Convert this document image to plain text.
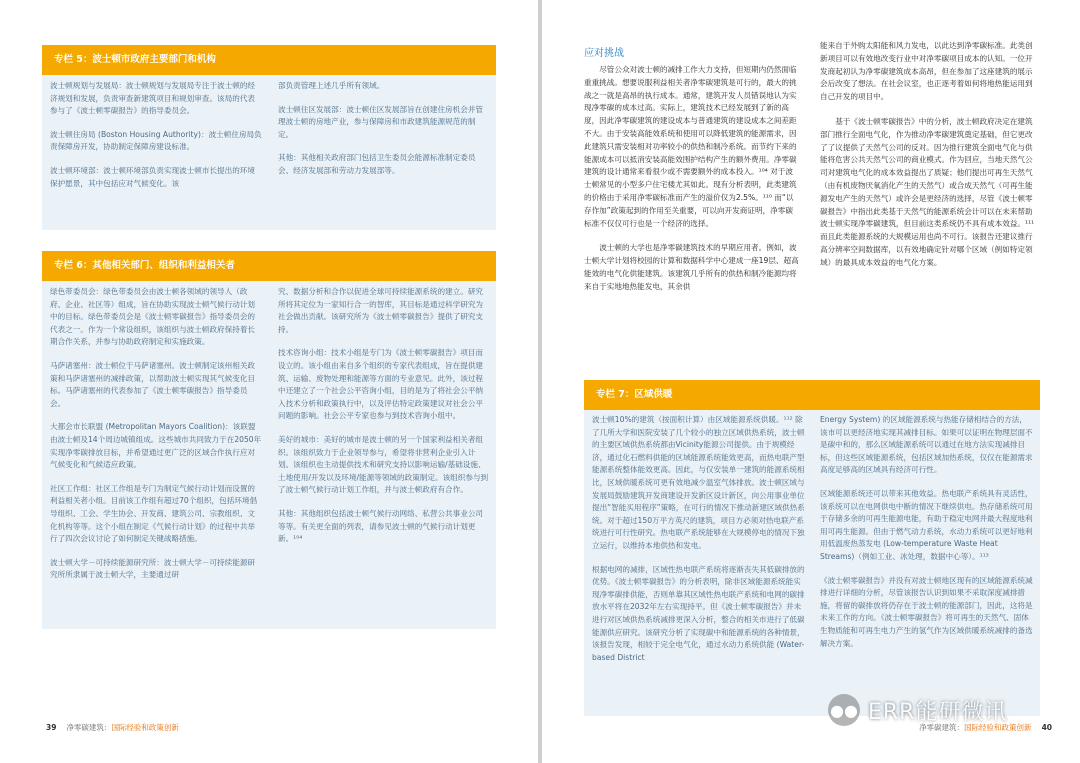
专栏 5：波士顿市政府主要部门和机构

波士顿规划与发展局：波士顿规划与发展局专注于波士顿的经济规划和发展，负责审查新建筑项目和规划审查。该局的代表参与了《波士顿零碳报告》的指导委员会。

波士顿住房局 (Boston Housing Authority)：波士顿住房局负责保障房开发，协助制定保障房建设标准。

波士顿环境部：波士顿环境部负责实现波士顿市长提出的环境保护愿景，其中包括应对气候变化。该

部负责管理上述几乎所有领域。

波士顿住区发展部：波士顿住区发展部旨在创建住房机会并管理波士顿的房地产业，参与保障房和市政建筑能源规范的制定。

其他：其他相关政府部门包括卫生委员会能源标准制定委员会、经济发展部和劳动力发展部等。

专栏 6：其他相关部门、组织和利益相关者

绿色带委员会：绿色带委员会由波士顿各领域的领导人（政府、企业、社区等）组成，旨在协助实现波士顿气候行动计划中的目标。绿色带委员会是《波士顿零碳报告》指导委员会的代表之一。作为一个常设组织，该组织与波士顿政府保持着长期合作关系，并参与协助政府制定和实施政策。

马萨诸塞州：波士顿位于马萨诸塞州。波士顿制定该州相关政策和马萨诸塞州的减排政策，以帮助波士顿实现其气候变化目标。马萨诸塞州的代表参加了《波士顿零碳报告》指导委员会。

大都会市长联盟 (Metropolitan Mayors Coalition)：该联盟由波士顿及14个周边城镇组成。这些城市共同致力于在2050年实现净零碳排放目标，并希望通过更广泛的区域合作执行应对气候变化和气候适应政策。

社区工作组：社区工作组是专门为制定气候行动计划而设置的利益相关者小组。目前该工作组有超过70个组织，包括环境倡导组织、工会、学生协会、开发商、建筑公司、宗教组织、文化机构等等。这个小组在制定《气候行动计划》的过程中共举行了四次会议讨论了如何制定关键战略措施。

波士顿大学－可持续能源研究所：波士顿大学－可持续能源研究所所隶属于波士顿大学，主要通过研

究、数据分析和合作以促进全球可持续能源系统的建立。研究所将其定位为一家知行合一的智库，其目标是通过科学研究为社会做出贡献。该研究所为《波士顿零碳报告》提供了研究支持。

技术咨询小组：技术小组是专门为《波士顿零碳报告》项目而设立的。该小组由来自多个组织的专家代表组成，旨在提供建筑、运输、废物处理和能源等方面的专业意见。此外，该过程中还建立了一个社会公平咨询小组，目的是为了将社会公平纳入技术分析和政策执行中，以及评估特定政策建议对社会公平问题的影响。社会公平专家也参与到技术咨询小组中。

美好的城市：美好的城市是波士顿的另一个国家利益相关者组织。该组织致力于企业领导参与，希望将非营利企业引入计划。该组织也主动提供技术和研究支持以影响运输/基础设施、土地使用/开发以及环境/能源等领域的政策制定。该组织参与到了波士顿气候行动计划工作组，并与波士顿政府有合作。

其他：其他组织包括波士顿气候行动网络、私营公共事业公司等等。有关更全面的列表，请参见波士顿的气候行动计划更新。¹⁰⁴

39 净零碳建筑：国际经验和政策创新
应对挑战

尽管公众对波士顿的减排工作大力支持，但短期内仍然面临重重挑战。想要说服利益相关者净零碳建筑是可行的，最大的挑战之一就是高昂的执行成本。通常，建筑开发人员错误地认为实现净零碳的成本过高。实际上，建筑技术已经发展到了新的高度，因此净零碳建筑的建设成本与普通建筑的建设成本之间差距不大。由于安装高能效系统和使用可以降低建筑的能源需求，因此建筑只需安装相对功率较小的供热和制冷系统。而节约下来的能源成本可以抵消安装高能效围护结构产生的额外费用。净零碳建筑的设计通常来看很少或不需要额外的成本投入。¹⁰⁴ 对于波士顿常见的小型多户住宅楼尤其如此。现有分析表明，此类建筑的价格由于采用净零碳标准而产生的溢价仅为2.5%。¹¹⁰ 而“以存作加”政策起到的作用至关重要，可以向开发商证明，净零碳标准不仅仅可行也是一个经济的选择。

波士顿的大学也是净零碳建筑技术的早期应用者。例如，波士顿大学计划将校园的计算和数据科学中心建成一座19层、超高能效的电气化供能建筑。该建筑几乎所有的供热和制冷能源均将来自于实地地热能发电，其余供

能来自于外购太阳能和风力发电，以此达到净零碳标准。此类创新项目可以有效地改变行业中对净零碳项目成本的认知。一位开发商起初认为净零碳建筑成本高昂，但在参加了这座建筑的展示会后改变了想法。在社会议室，也正逐考着如何将地热能运用到自己开发的项目中。

基于《波士顿零碳报告》中的分析，波士顿政府决定在建筑部门推行全面电气化，作为推动净零碳建筑奠定基础，但它更改了了议提供了天然气公司的反对。因为推行建筑全面电气化与供能将危害公共天然气公司的商业模式。作为回应，当地天然气公司对建筑电气化的成本效益提出了质疑；他们提出可再生天然气（由有机废物厌氧消化产生的天然气）或合成天然气（可再生能源发电产生的天然气）或许会是更经济的选择，尽管《波士顿零碳报告》中指出此类基于天然气的能源系统会计可以在未来帮助波士顿实现净零碳建筑，但目前这类系统仍不具有成本效益。¹¹¹ 而且此类能源系统的大规模运用也尚不可行。该报告还建议推行高分辨率空间数据库，以有效地确定针对哪个区域（例如特定领域）的最具成本效益的电气化方案。

专栏 7：区域供暖

波士顿10%的建筑（按面积计算）由区域能源系统供暖。¹¹² 除了几所大学和医院安装了几个较小的独立区域供热系统，波士顿的主要区域供热系统都由Vicinity能源公司提供。由于规模经济，通过化石燃料供能的区域能源系统能效更高，而热电联产型能源系统整体能效更高。因此，与仅安装单一建筑的能源系统相比，区域供暖系统可更有效地减少温室气体排放。波士顿区域与发展局鼓励建筑开发商建设开发新区设计新区，向公用事业单位提出“智能买用程序”策略，在可行的情况下推动新建区域供热系统。对于超过150万平方英尺的建筑，项目方必须对热电联产系统进行可行性研究。热电联产系统能够在大规模停电的情况下独立运行，以维持本地供热和发电。

根据电网的减排，区域性热电联产系统将逐渐丧失其低碳排放的优势。《波士顿零碳报告》的分析表明，除非区域能源系统能实现净零碳排供能，否则单靠其区域性热电联产系统和电网的碳排放水平将在2032年左右实现持平。但《波士顿零碳报告》并未进行对区域供热系统减排更深入分析，整合的相关市进行了低碳能源供应研究。该研究分析了实现碳中和能源系统的各种情景，该报告发现，相较于完全电气化，通过水动力系统供能 (Water-based District

Energy System) 的区域能源系统与热能存储相结合的方法，该市可以更经济地实现其减排目标。如果可以证明在物理层面不是碳中和的，那么区域能源系统可以通过在地方法实现减排目标，但这些区域能源系统，包括区域加热系统，仅仅在能源需求高度足够高的区域具有经济可行性。

区域能源系统还可以带来其他效益。热电联产系统具有灵活性，该系统可以在电网供电中断的情况下继续供电。热存储系统可用于存储多余的可再生能源电能，有助于稳定电网并最大程度地利用可再生能源。但由于燃气动力系统，水动力系统可以更好地利用低温废热蒸发电 (Low-temperature Waste Heat Streams)（例如工业、冰处理，数据中心等）。¹¹³

《波士顿零碳报告》并没有对波士顿地区现有的区域能源系统减排进行详细的分析，尽管该报告认识到如果不采取深度减排措施，将留的碳排放将仍存在于波士顿的能源部门，因此，这将是未来工作的方向。《波士顿零碳报告》将可再生的天然气、固体生物质能和可再生电力产生的氢气作为区域供暖系统减排的备选解决方案。

净零碳建筑：国际经验和政策创新 40
●● ERR能研微讯
